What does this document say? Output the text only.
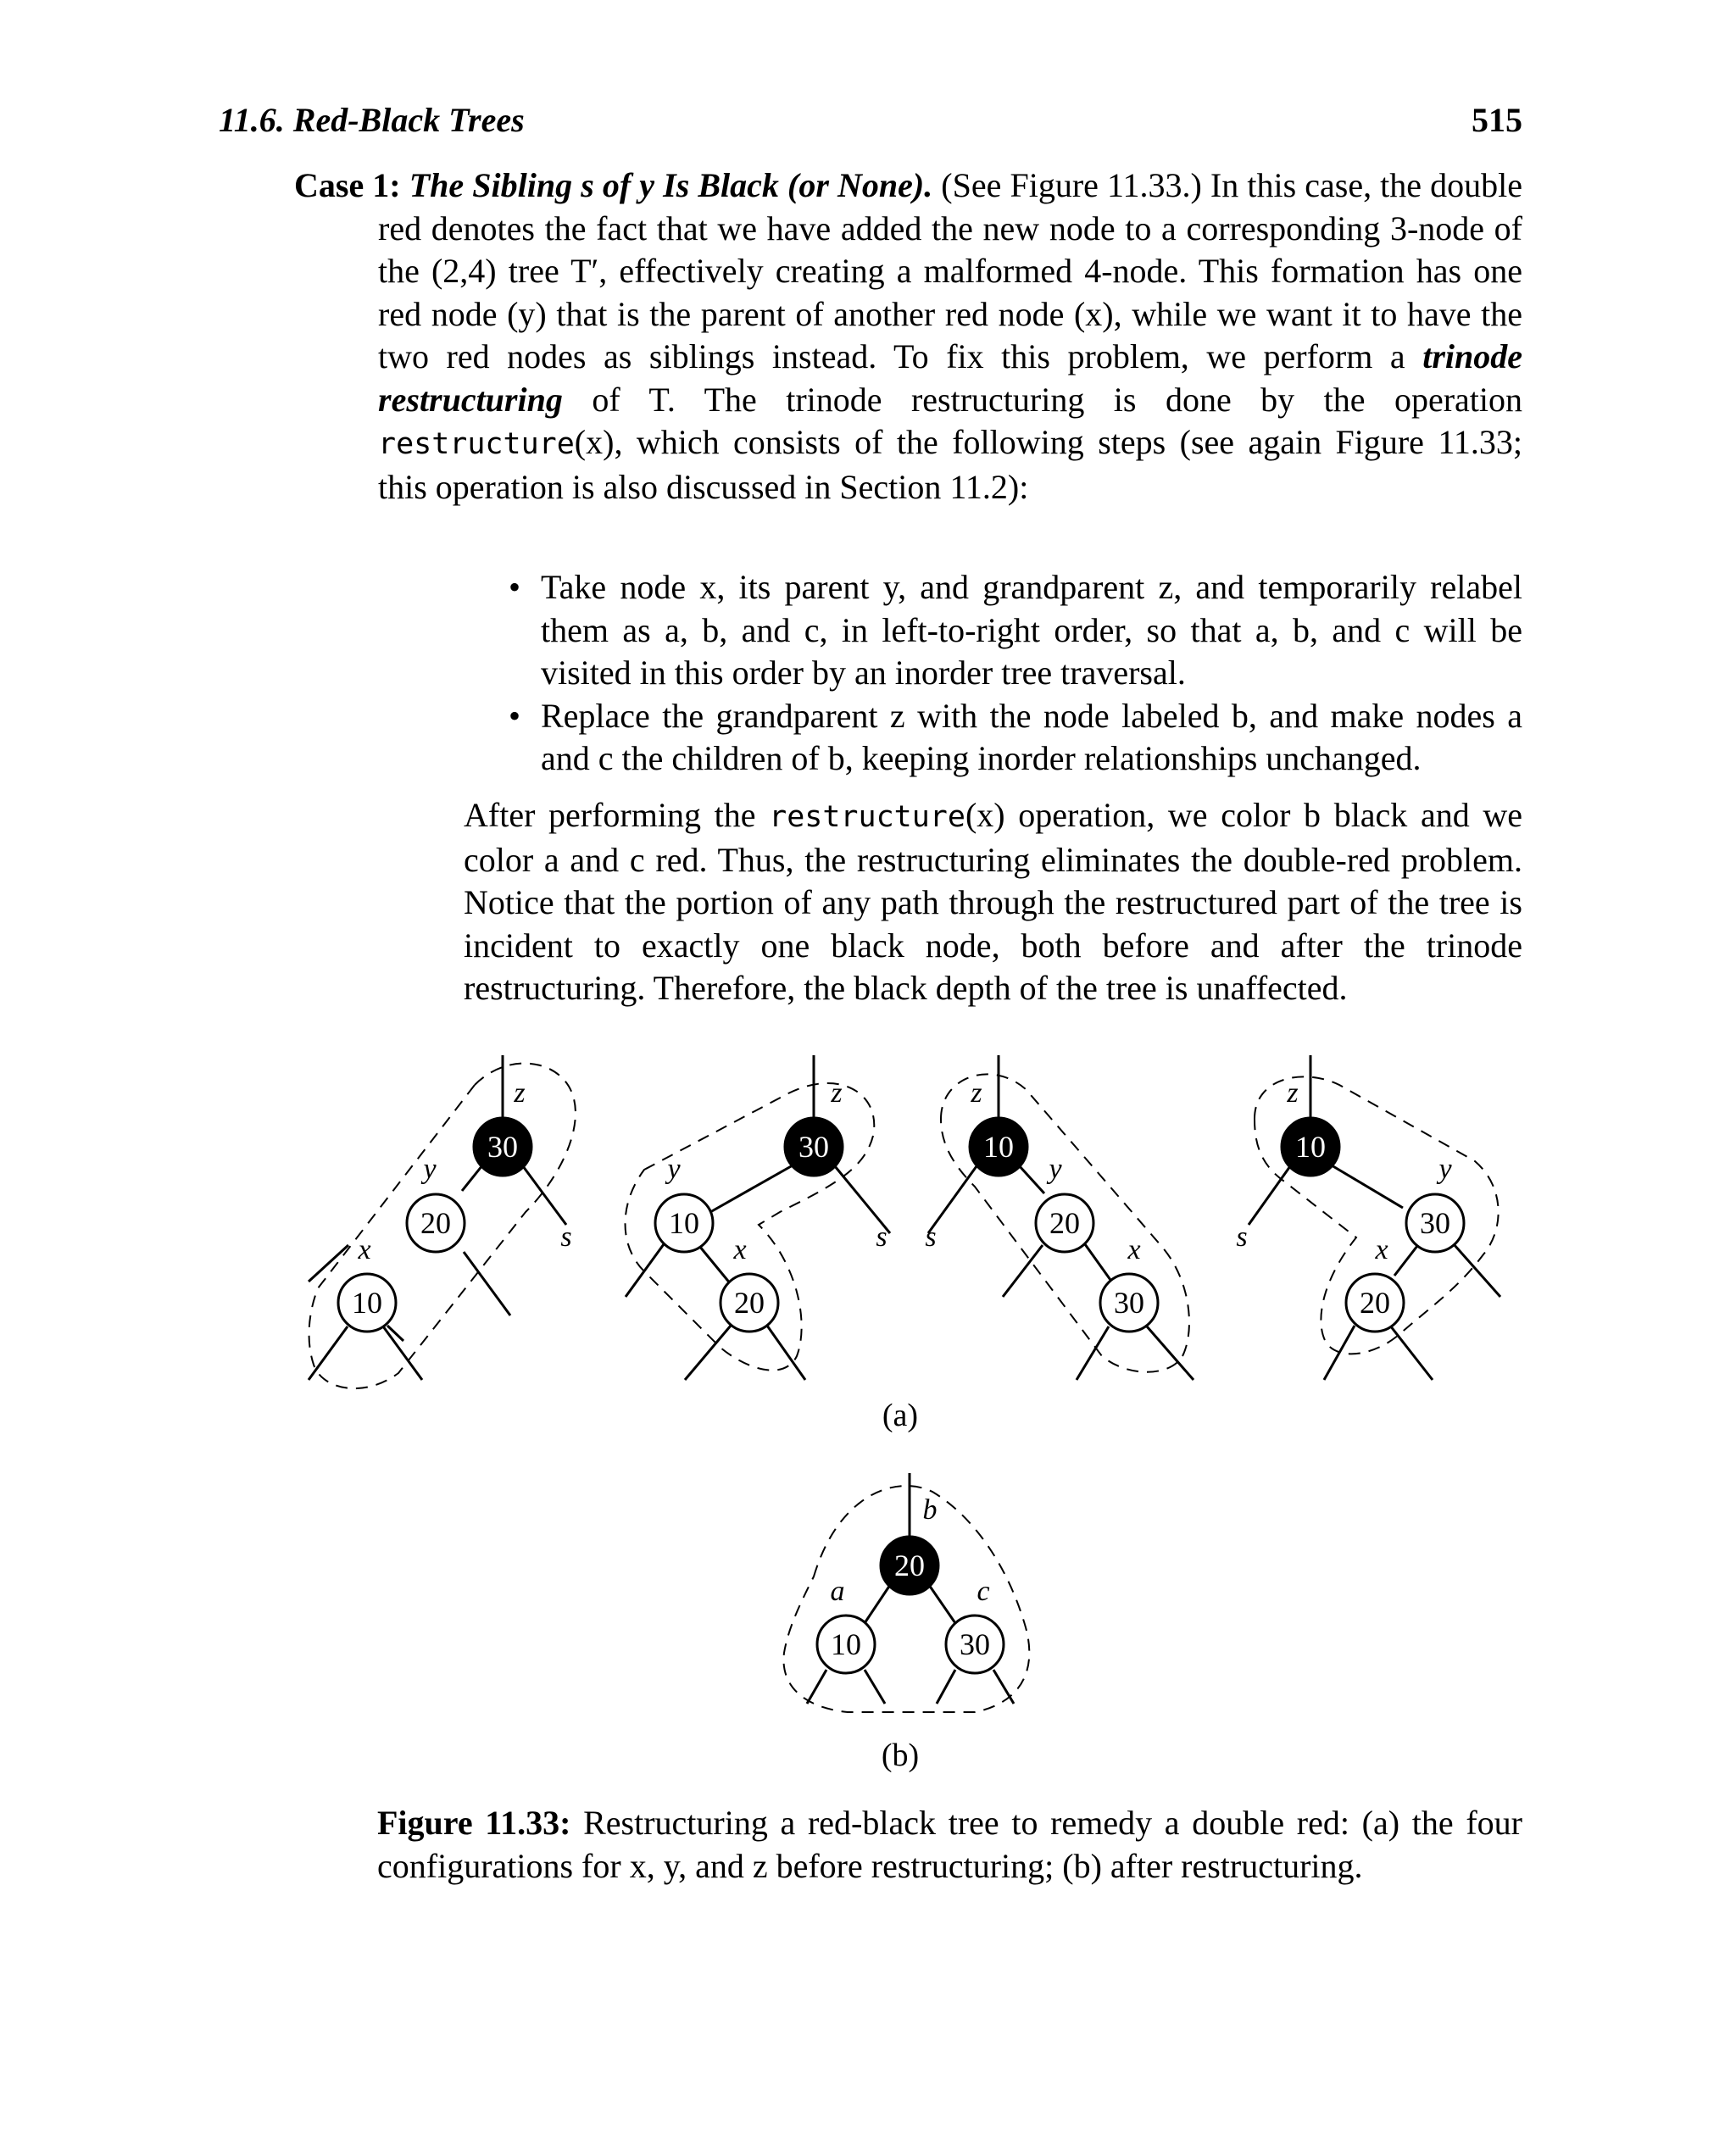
11.6. Red-Black Trees	515
Case 1: The Sibling s of y Is Black (or None). (See Figure 11.33.) In this case, the double red denotes the fact that we have added the new node to a corresponding 3-node of the (2,4) tree T′, effectively creating a malformed 4-node. This formation has one red node (y) that is the parent of another red node (x), while we want it to have the two red nodes as siblings instead. To fix this problem, we perform a trinode restructuring of T. The trinode restructuring is done by the operation restructure(x), which consists of the following steps (see again Figure 11.33; this operation is also discussed in Section 11.2):
• Take node x, its parent y, and grandparent z, and temporarily relabel them as a, b, and c, in left-to-right order, so that a, b, and c will be visited in this order by an inorder tree traversal.
• Replace the grandparent z with the node labeled b, and make nodes a and c the children of b, keeping inorder relationships unchanged.
After performing the restructure(x) operation, we color b black and we color a and c red. Thus, the restructuring eliminates the double-red problem. Notice that the portion of any path through the restructured part of the tree is incident to exactly one black node, both before and after the trinode restructuring. Therefore, the black depth of the tree is unaffected.
30
20
10
z
y
x	s
30
10
20
z
y
x	s
10
20
30
z
y
x
s
10
30
20
z
y
x
s
(a)
20
10	30
b
a	c
(b)
Figure 11.33: Restructuring a red-black tree to remedy a double red: (a) the four configurations for x, y, and z before restructuring; (b) after restructuring.
